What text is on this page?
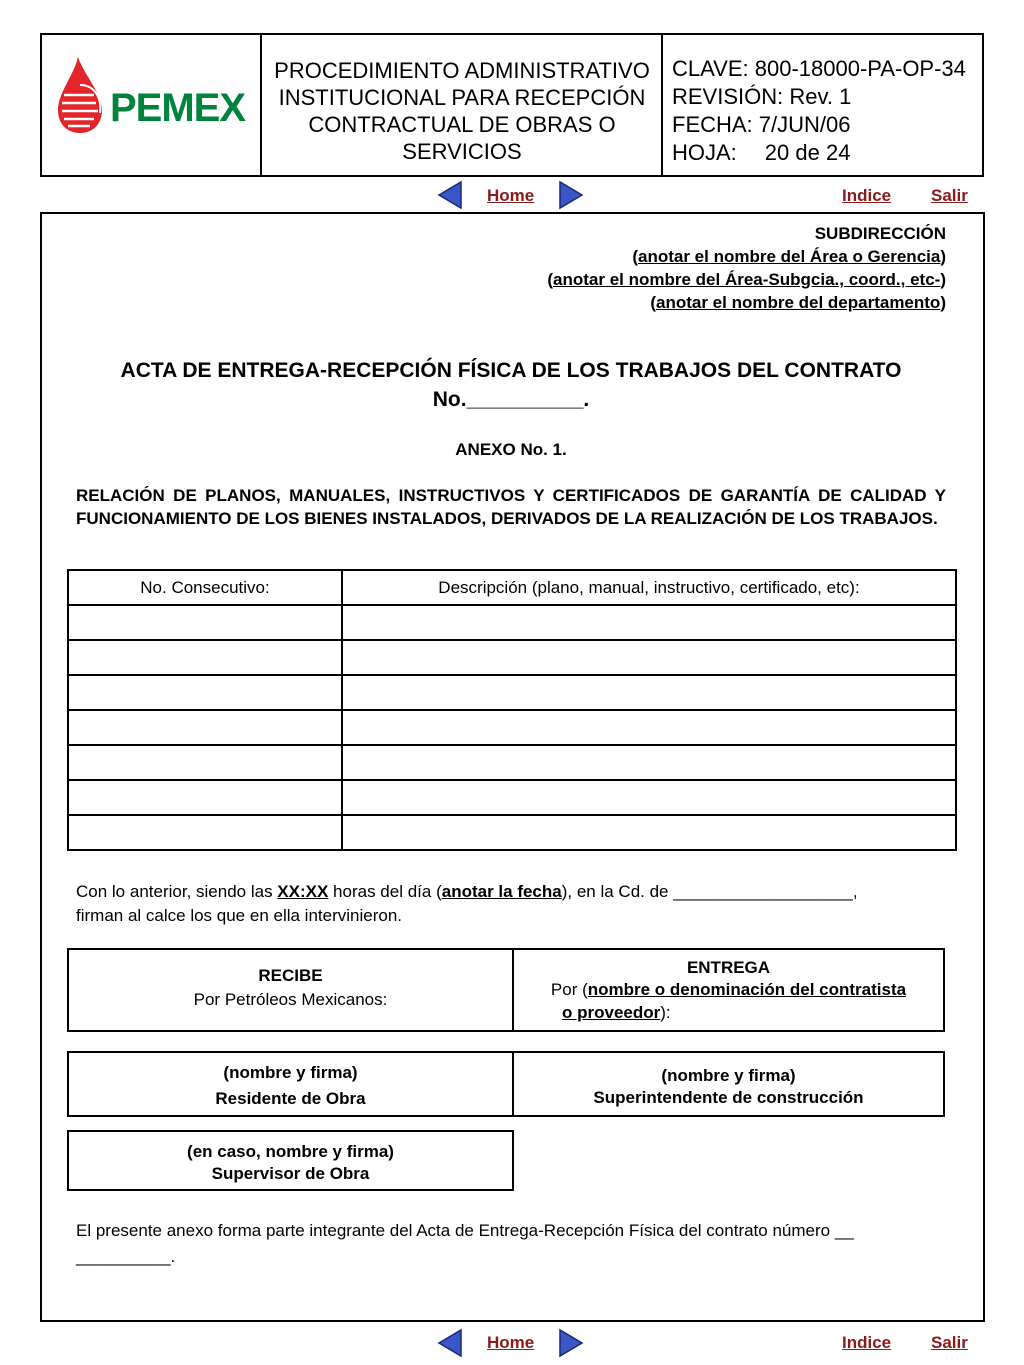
PEMEX
PROCEDIMIENTO ADMINISTRATIVO
INSTITUCIONAL PARA RECEPCIÓN
CONTRACTUAL DE OBRAS O
SERVICIOS
CLAVE: 800-18000-PA-OP-34
REVISIÓN: Rev. 1
FECHA: 7/JUN/06
HOJA: 20 de 24
Home	Indice Salir
SUBDIRECCIÓN
(anotar el nombre del Área o Gerencia)
(anotar el nombre del Área-Subgcia., coord., etc-)
(anotar el nombre del departamento)
ACTA DE ENTREGA-RECEPCIÓN FÍSICA DE LOS TRABAJOS DEL CONTRATO
No.__________.
ANEXO No. 1.
RELACIÓN DE PLANOS, MANUALES, INSTRUCTIVOS Y CERTIFICADOS DE GARANTÍA DE CALIDAD Y FUNCIONAMIENTO DE LOS BIENES INSTALADOS, DERIVADOS DE LA REALIZACIÓN DE LOS TRABAJOS.
No. Consecutivo:	Descripción (plano, manual, instructivo, certificado, etc):

Con lo anterior, siendo las XX:XX horas del día (anotar la fecha), en la Cd. de ___________________,
firman al calce los que en ella intervinieron.
RECIBE
Por Petróleos Mexicanos:
ENTREGA
Por (nombre o denominación del contratista
o proveedor):
(nombre y firma)
Residente de Obra
(nombre y firma)
Superintendente de construcción
(en caso, nombre y firma)
Supervisor de Obra
El presente anexo forma parte integrante del Acta de Entrega-Recepción Física del contrato número __
__________.
Home	Indice Salir
